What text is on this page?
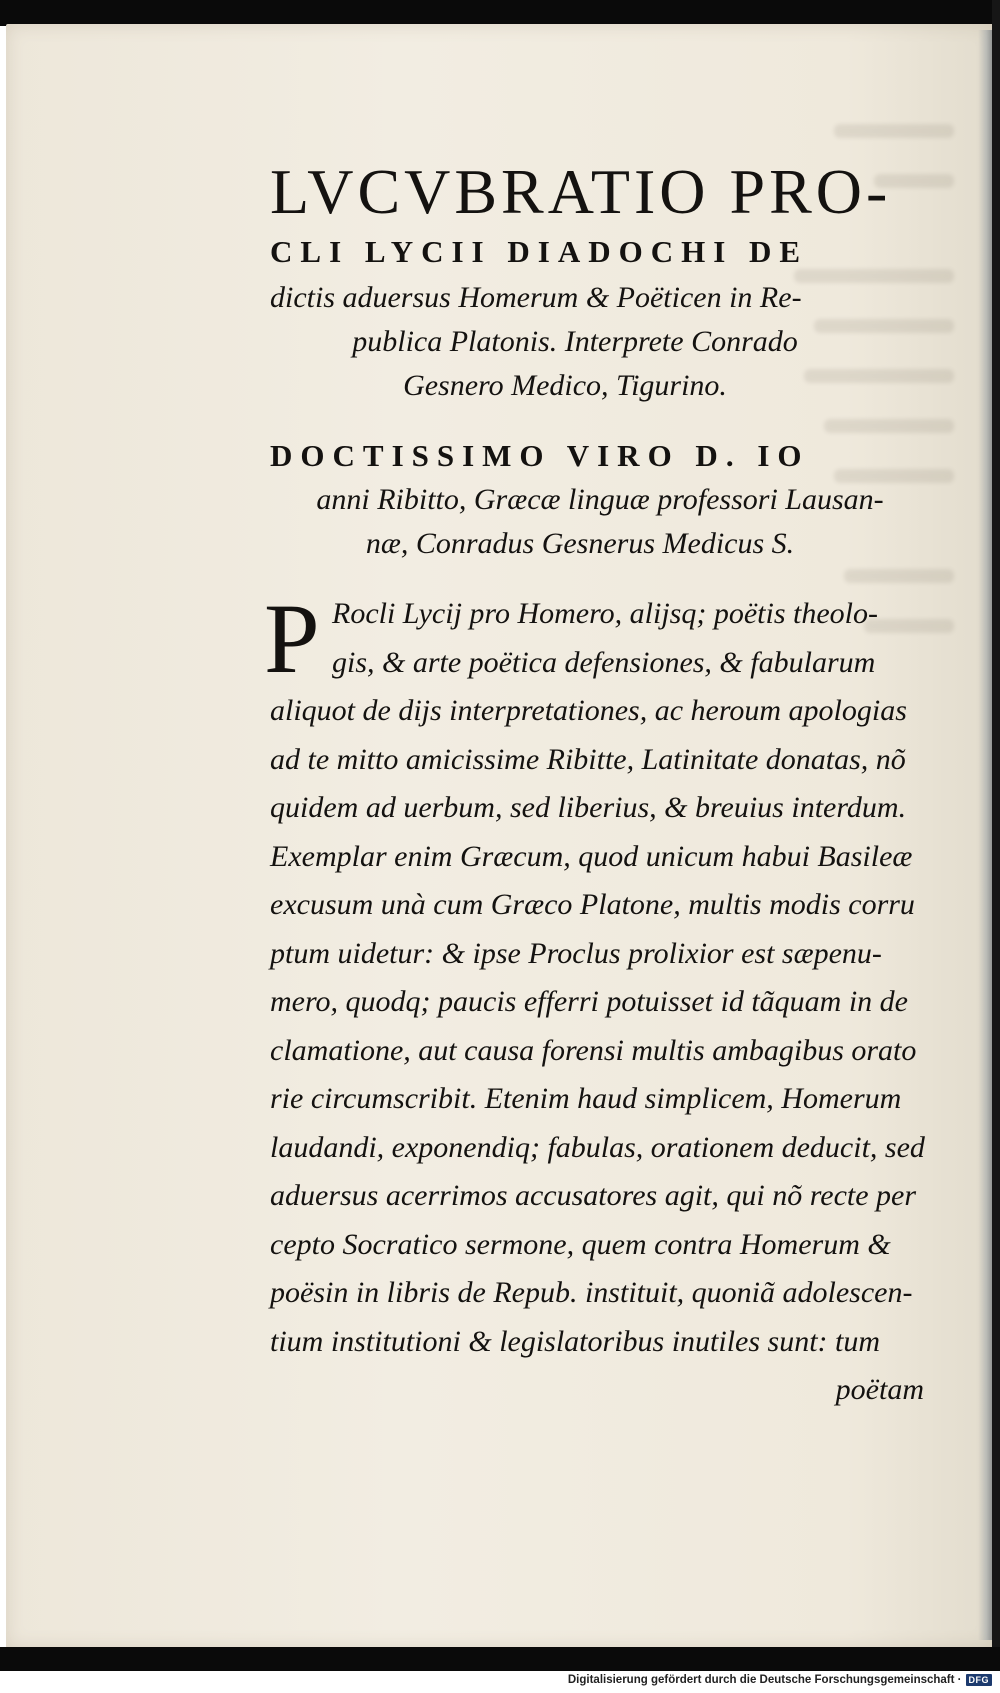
LVCVBRATIO PRO-
CLI LYCII DIADOCHI DE
dictis aduersus Homerum & Poëticen in Re-
publica Platonis. Interprete Conrado
Gesnero Medico, Tigurino.
DOCTISSIMO VIRO D. IO
anni Ribitto, Græcæ linguæ professori Lausan-
næ, Conradus Gesnerus Medicus S.
P Rocli Lycij pro Homero, alijsq; poëtis theolo-
gis, & arte poëtica defensiones, & fabularum
aliquot de dijs interpretationes, ac heroum apologias
ad te mitto amicissime Ribitte, Latinitate donatas, nõ
quidem ad uerbum, sed liberius, & breuius interdum.
Exemplar enim Græcum, quod unicum habui Basileæ
excusum unà cum Græco Platone, multis modis corru
ptum uidetur: & ipse Proclus prolixior est sæpenu-
mero, quodq; paucis efferri potuisset id tãquam in de
clamatione, aut causa forensi multis ambagibus orato
rie circumscribit. Etenim haud simplicem, Homerum
laudandi, exponendiq; fabulas, orationem deducit, sed
aduersus acerrimos accusatores agit, qui nõ recte per
cepto Socratico sermone, quem contra Homerum &
poësin in libris de Repub. instituit, quoniã adolescen-
tium institutioni & legislatoribus inutiles sunt: tum
poëtam
Digitalisierung gefördert durch die Deutsche Forschungsgemeinschaft · DFG
